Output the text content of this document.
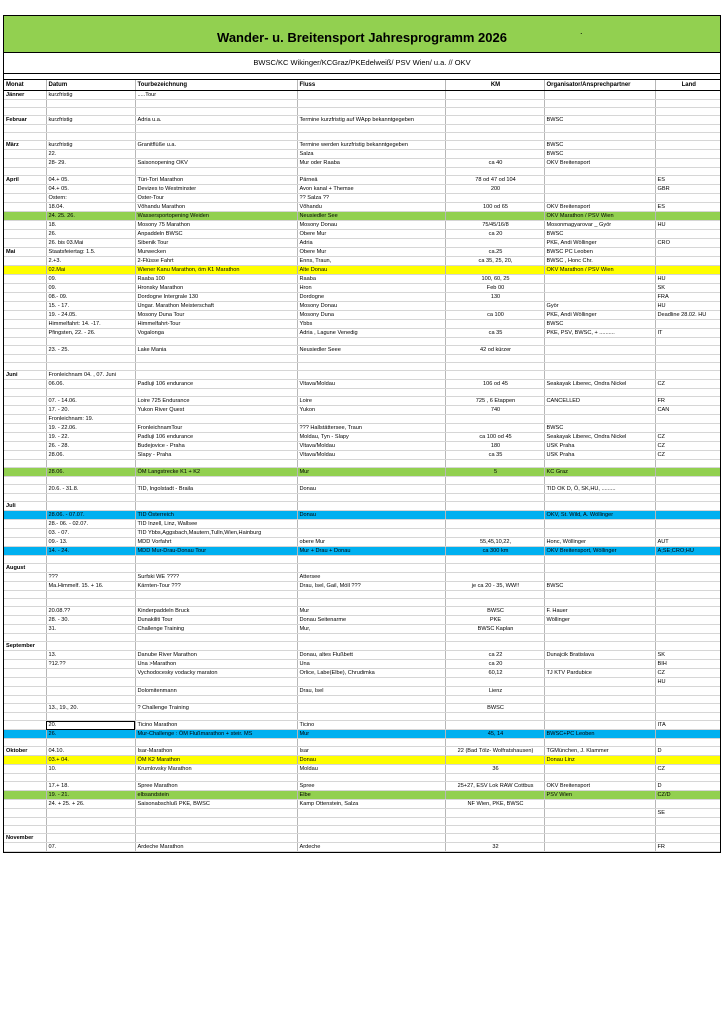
Wander- u. Breitensport Jahresprogramm 2026	.
BWSC/KC Wikinger/KCGraz/PKEdelweiß/ PSV Wien/ u.a. // OKV
Monat	Datum	Tourbezeichnung	Fluss	KM	Organisator/Ansprechpartner	Land
Jänner	kurzfristig	.....Tour				

Februar	kurzfristig	Adria u.a.	Termine kurzfristig auf WApp bekanntgegeben		BWSC	

März	kurzfristig	Granitflüße u.a.	Termine werden kurzfristig bekanntgegeben		BWSC	
	22.		Salza		BWSC	
	28- 29.	Saisonopening OKV	Mur oder Raaba	ca 40	OKV Breitensport	

April	04.+ 05.	Türi-Tori Marathon	Pärneä	78 od 47 od 104		ES
	04.+ 05.	Devizes to Westminster	Avon kanal + Themse	200		GBR
	Ostern:	Oster-Tour	?? Salza ??			
	18.04.	Võhandu Marathon	Võhandu	100 od 65	OKV Breitensport	ES
	24. 25. 26.	Wassersportopening Weiden	Neusiedler See		OKV Marathon / PSV Wien	
	18.	Mosony 75 Marathon	Mosony Donau	75/45/16/8	Mosonmagyarovar _ Györ	HU
	26.	Anpaddeln BWSC	Obere Mur	ca 20	BWSC	
	26. bis 03.Mai	Sibenik Tour	Adria		PKE, Andi Wöllinger	CRO
Mai	Staatsfeiertag: 1.5.	Murwecken	Obere Mur	ca.25	BWSC PC Leoben	
	2.+3.	2-Flüsse Fahrt	Enns, Traun,	ca 35, 25, 20,	BWSC , Honc Chr.	
	02.Mai	Wiener Kanu Marathon, öm K1 Marathon	Alte Donau		OKV Marathon / PSV Wien	
	09.	Raaba 100	Raaba	100, 60, 25		HU
	09.	Hronsky Marathon	Hron	Feb 00		SK
	08.- 09.	Dordogne Intergrale 130	Dordogne	130		FRA
	15. - 17.	Ungar. Marathon Meisterschaft	Mosony Donau		Györ	HU
	19. - 24.05.	Mosony Duna Tour	Mosony Duna	ca 100	PKE, Andi Wöllinger	Deadline 28.02. HU
	Himmelfahrt: 14. -17.	Himmelfahrt-Tour	Ybbs		BWSC	
	Pfingsten, 22. - 26.	Vogalonga	Adria , Lagune Venedig	ca 35	PKE, PSV, BWSC, + ..........	IT

	23. - 25.	Lake Mania	Neusiedler Seee	42 od kürzer		

Juni	Fronleichnam 04. , 07. Juni					
	06.06.	Padluji 106 endurance	Vltava/Moldau	106 od 45	Seakayak Liberec, Ondra Nickel	CZ

	07. - 14.06.	Loire 725 Endurance	Loire	725 , 6 Etappen	CANCELLED	FR
	17. - 20.	Yukon River Quest	Yukon	740		CAN
	Fronleichnam: 19.					
	19. - 22.06.	FronleichnamTour	??? Hallstättersee, Traun		BWSC	
	19. - 22.	Padluji 106 endurance	Moldau, Tyn - Slapy	ca 100 od 45	Seakayak Liberec, Ondra Nickel	CZ
	26. - 28.	Budejovice - Praha	Vltava/Moldau	180	USK Praha	CZ
	28.06.	Slapy - Praha	Vltava/Moldau	ca 35	USK Praha	CZ

	28.06.	ÖM Langstrecke K1 + K2	Mur	5	KC Graz	

	20.6. - 31.8.	TID, Ingolstadt - Braila	Donau		TID OK D, Ö, SK,HU, .........	

Juli						
	28.06. - 07.07.	TID Österreich	Donau		OKV, St. Wild, A. Wöllinger	
	28.- 06. - 02.07.	TID Inzell, Linz, Wallsee				
	03. - 07.	TID Ybbs,Aggsbach,Mautern,Tulln,Wien,Hainburg				
	09.- 13.	MDD Vorfahrt	obere Mur	55,45,10,22,	Honc, Wöllinger	AUT
	14. - 24.	MDD Mur-Drau-Donau Tour	Mur + Drau + Donau	ca 300 km	OKV Breitensport, Wöllinger	A;SE;CRO;HU

August						
	???	Surfski WE ????	Attersee			
	Ma.Himmelf. 15. + 16.	Kärnten-Tour ???	Drau, Isel, Gail, Möll ???	je ca 20 - 35, WW!!	BWSC	

	20.08.??	Kinderpaddeln Bruck	Mur	BWSC	F. Hauer	
	28. - 30.	Dunakiliti Tour	Donau Seitenarme	PKE	Wöllinger	
	31.	Challenge Training	Mur,	BWSC Kaplan		

September						
	13.	Danube River Marathon	Donau, altes Flußbett	ca 22	Dunajcik Bratislava	SK
	?12.??	Una >Marathon	Una	ca 20		BIH
		Vychodocesky vodacky maraton	Orlice, Labe(Elbe), Chrudimka	60,12	TJ KTV Pardubice	CZ
						HU
		Dolomitenmann	Drau, Isel	Lienz		

	13., 19., 20.	? Challenge Training		BWSC		

	20.	Ticino Marathon	Ticino			ITA
	26.	Mur-Challenge : ÖM Flußmarathon + steir. MS	Mur	45, 14	BWSC+PC Leoben	

Oktober	04.10.	Isar-Marathon	Isar	22 (Bad Tölz- Wolfratshausen)	TGMünchen, J. Klammer	D
	03.+ 04.	ÖM K2 Marathon	Donau		Donau Linz	
	10.	Krumlovsky Marathon	Moldau	36		CZ

	17.+ 18.	Spree Marathon	Spree	25+27, ESV Lok RAW Cottbus	OKV Breitensport	D
	19. - 21.	elbsandstein	Elbe		PSV Wien	CZ/D
	24. + 25. + 26.	Saisonabschluß PKE, BWSC	Kamp Ottenstein, Salza	NF Wien, PKE, BWSC		
						SE

November						
	07.	Ardeche Marathon	Ardeche	32		FR
